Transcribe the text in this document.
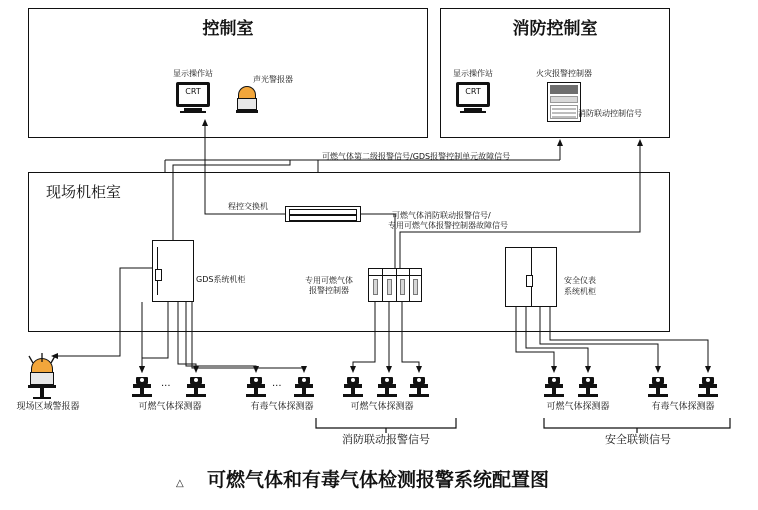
控制室	消防控制室
现场机柜室
显示操作站
CRT
声光警报器
显示操作站
CRT
火灾报警控制器
消防联动控制信号
程控交换机
GDS系统机柜	专用可燃气体
报警控制器
安全仪表
系统机柜
可燃气体第二级报警信号/GDS报警控制单元故障信号
可燃气体消防联动报警信号/
专用可燃气体报警控制器故障信号
现场区域警报器
...
可燃气体探测器
...
有毒气体探测器	可燃气体探测器	可燃气体探测器	有毒气体探测器
消防联动报警信号	安全联锁信号
△	可燃气体和有毒气体检测报警系统配置图
